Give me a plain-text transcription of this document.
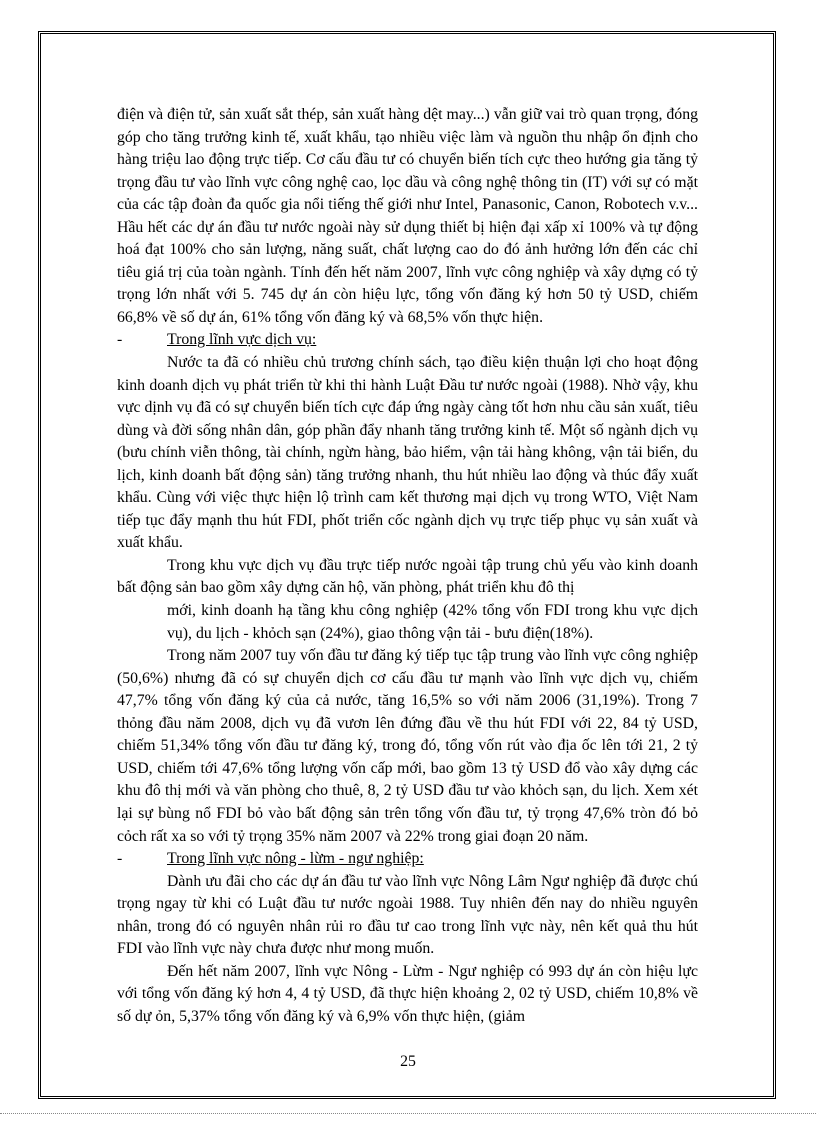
điện và điện tử, sản xuất sắt thép, sản xuất hàng dệt may...) vẫn giữ vai trò quan trọng, đóng góp cho tăng trưởng kinh tế, xuất khẩu, tạo nhiều việc làm và nguồn thu nhập ổn định cho hàng triệu lao động trực tiếp. Cơ cấu đầu tư có chuyển biến tích cực theo hướng gia tăng tỷ trọng đầu tư vào lĩnh vực công nghệ cao, lọc dầu và công nghệ thông tin (IT) với sự có mặt của các tập đoàn đa quốc gia nổi tiếng thế giới như Intel, Panasonic, Canon, Robotech v.v... Hầu hết các dự án đầu tư nước ngoài này sử dụng thiết bị hiện đại xấp xỉ 100% và tự động hoá đạt 100% cho sản lượng, năng suất, chất lượng cao do đó ảnh hưởng lớn đến các chỉ tiêu giá trị của toàn ngành. Tính đến hết năm 2007, lĩnh vực công nghiệp và xây dựng có tỷ trọng lớn nhất với 5. 745 dự án còn hiệu lực, tổng vốn đăng ký hơn 50 tỷ USD, chiếm 66,8% về số dự án, 61% tổng vốn đăng ký và 68,5% vốn thực hiện.

-	Trong lĩnh vực dịch vụ:

Nước ta đã có nhiều chủ trương chính sách, tạo điều kiện thuận lợi cho hoạt động kinh doanh dịch vụ phát triển từ khi thi hành Luật Đầu tư nước ngoài (1988). Nhờ vậy, khu vực dịnh vụ đã có sự chuyển biến tích cực đáp ứng ngày càng tốt hơn nhu cầu sản xuất, tiêu dùng và đời sống nhân dân, góp phần đẩy nhanh tăng trưởng kinh tế. Một số ngành dịch vụ (bưu chính viễn thông, tài chính, ngừn hàng, bảo hiểm, vận tải hàng không, vận tải biển, du lịch, kinh doanh bất động sản) tăng trưởng nhanh, thu hút nhiều lao động và thúc đẩy xuất khẩu. Cùng với việc thực hiện lộ trình cam kết thương mại dịch vụ trong WTO, Việt Nam tiếp tục đẩy mạnh thu hút FDI, phốt triển cốc ngành dịch vụ trực tiếp phục vụ sản xuất và xuất khẩu.

Trong khu vực dịch vụ đầu trực tiếp nước ngoài tập trung chủ yếu vào kinh doanh bất động sản bao gồm xây dựng căn hộ, văn phòng, phát triển khu đô thị

mới, kinh doanh hạ tầng khu công nghiệp (42% tổng vốn FDI trong khu vực dịch vụ), du lịch - khỏch sạn (24%), giao thông vận tải - bưu điện(18%).

Trong năm 2007 tuy vốn đầu tư đăng ký tiếp tục tập trung vào lĩnh vực công nghiệp (50,6%) nhưng đã có sự chuyển dịch cơ cấu đầu tư mạnh vào lĩnh vực dịch vụ, chiếm 47,7% tổng vốn đăng ký của cả nước, tăng 16,5% so với năm 2006 (31,19%). Trong 7 thỏng đầu năm 2008, dịch vụ đã vươn lên đứng đầu về thu hút FDI với 22, 84 tỷ USD, chiếm 51,34% tổng vốn đầu tư đăng ký, trong đó, tổng vốn rút vào địa ốc lên tới 21, 2 tỷ USD, chiếm tới 47,6% tổng lượng vốn cấp mới, bao gồm 13 tỷ USD đổ vào xây dựng các khu đô thị mới và văn phòng cho thuê, 8, 2 tỷ USD đầu tư vào khỏch sạn, du lịch. Xem xét lại sự bùng nổ FDI bỏ vào bất động sản trên tổng vốn đầu tư, tỷ trọng 47,6% tròn đó bỏ cỏch rất xa so với tỷ trọng 35% năm 2007 và 22% trong giai đoạn 20 năm.

-	Trong lĩnh vực nông - lừm - ngư nghiệp:

Dành ưu đãi cho các dự án đầu tư vào lĩnh vực Nông Lâm Ngư nghiệp đã được chú trọng ngay từ khi có Luật đầu tư nước ngoài 1988. Tuy nhiên đến nay do nhiều nguyên nhân, trong đó có nguyên nhân rủi ro đầu tư cao trong lĩnh vực này, nên kết quả thu hút FDI vào lĩnh vực này chưa được như mong muốn.

Đến hết năm 2007, lĩnh vực Nông - Lừm - Ngư nghiệp có 993 dự án còn hiệu lực với tổng vốn đăng ký hơn 4, 4 tỷ USD, đã thực hiện khoảng 2, 02 tỷ USD, chiếm 10,8% về số dự ỏn, 5,37% tổng vốn đăng ký và 6,9% vốn thực hiện, (giảm

25
